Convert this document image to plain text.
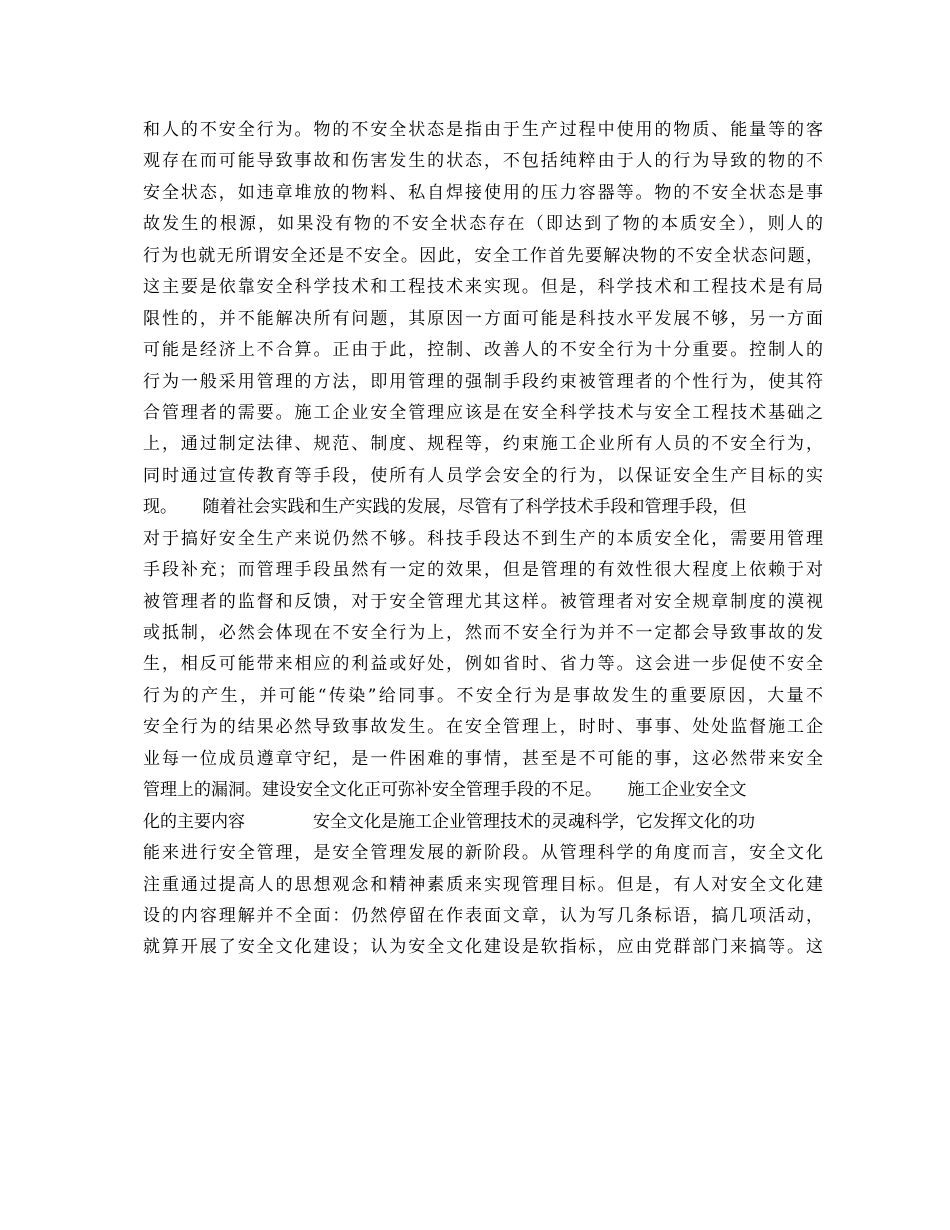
和人的不安全行为。物的不安全状态是指由于生产过程中使用的物质、能量等的客
观存在而可能导致事故和伤害发生的状态，不包括纯粹由于人的行为导致的物的不
安全状态，如违章堆放的物料、私自焊接使用的压力容器等。物的不安全状态是事
故发生的根源，如果没有物的不安全状态存在（即达到了物的本质安全），则人的
行为也就无所谓安全还是不安全。因此，安全工作首先要解决物的不安全状态问题，
这主要是依靠安全科学技术和工程技术来实现。但是，科学技术和工程技术是有局
限性的，并不能解决所有问题，其原因一方面可能是科技水平发展不够，另一方面
可能是经济上不合算。正由于此，控制、改善人的不安全行为十分重要。控制人的
行为一般采用管理的方法，即用管理的强制手段约束被管理者的个性行为，使其符
合管理者的需要。施工企业安全管理应该是在安全科学技术与安全工程技术基础之
上，通过制定法律、规范、制度、规程等，约束施工企业所有人员的不安全行为，
同时通过宣传教育等手段，使所有人员学会安全的行为，以保证安全生产目标的实
现。　　随着社会实践和生产实践的发展，尽管有了科学技术手段和管理手段，但
对于搞好安全生产来说仍然不够。科技手段达不到生产的本质安全化，需要用管理
手段补充；而管理手段虽然有一定的效果，但是管理的有效性很大程度上依赖于对
被管理者的监督和反馈，对于安全管理尤其这样。被管理者对安全规章制度的漠视
或抵制，必然会体现在不安全行为上，然而不安全行为并不一定都会导致事故的发
生，相反可能带来相应的利益或好处，例如省时、省力等。这会进一步促使不安全
行为的产生，并可能“传染”给同事。不安全行为是事故发生的重要原因，大量不
安全行为的结果必然导致事故发生。在安全管理上，时时、事事、处处监督施工企
业每一位成员遵章守纪，是一件困难的事情，甚至是不可能的事，这必然带来安全
管理上的漏洞。建设安全文化正可弥补安全管理手段的不足。　　施工企业安全文
化的主要内容　　　　安全文化是施工企业管理技术的灵魂科学，它发挥文化的功
能来进行安全管理，是安全管理发展的新阶段。从管理科学的角度而言，安全文化
注重通过提高人的思想观念和精神素质来实现管理目标。但是，有人对安全文化建
设的内容理解并不全面：仍然停留在作表面文章，认为写几条标语，搞几项活动，
就算开展了安全文化建设；认为安全文化建设是软指标，应由党群部门来搞等。这
